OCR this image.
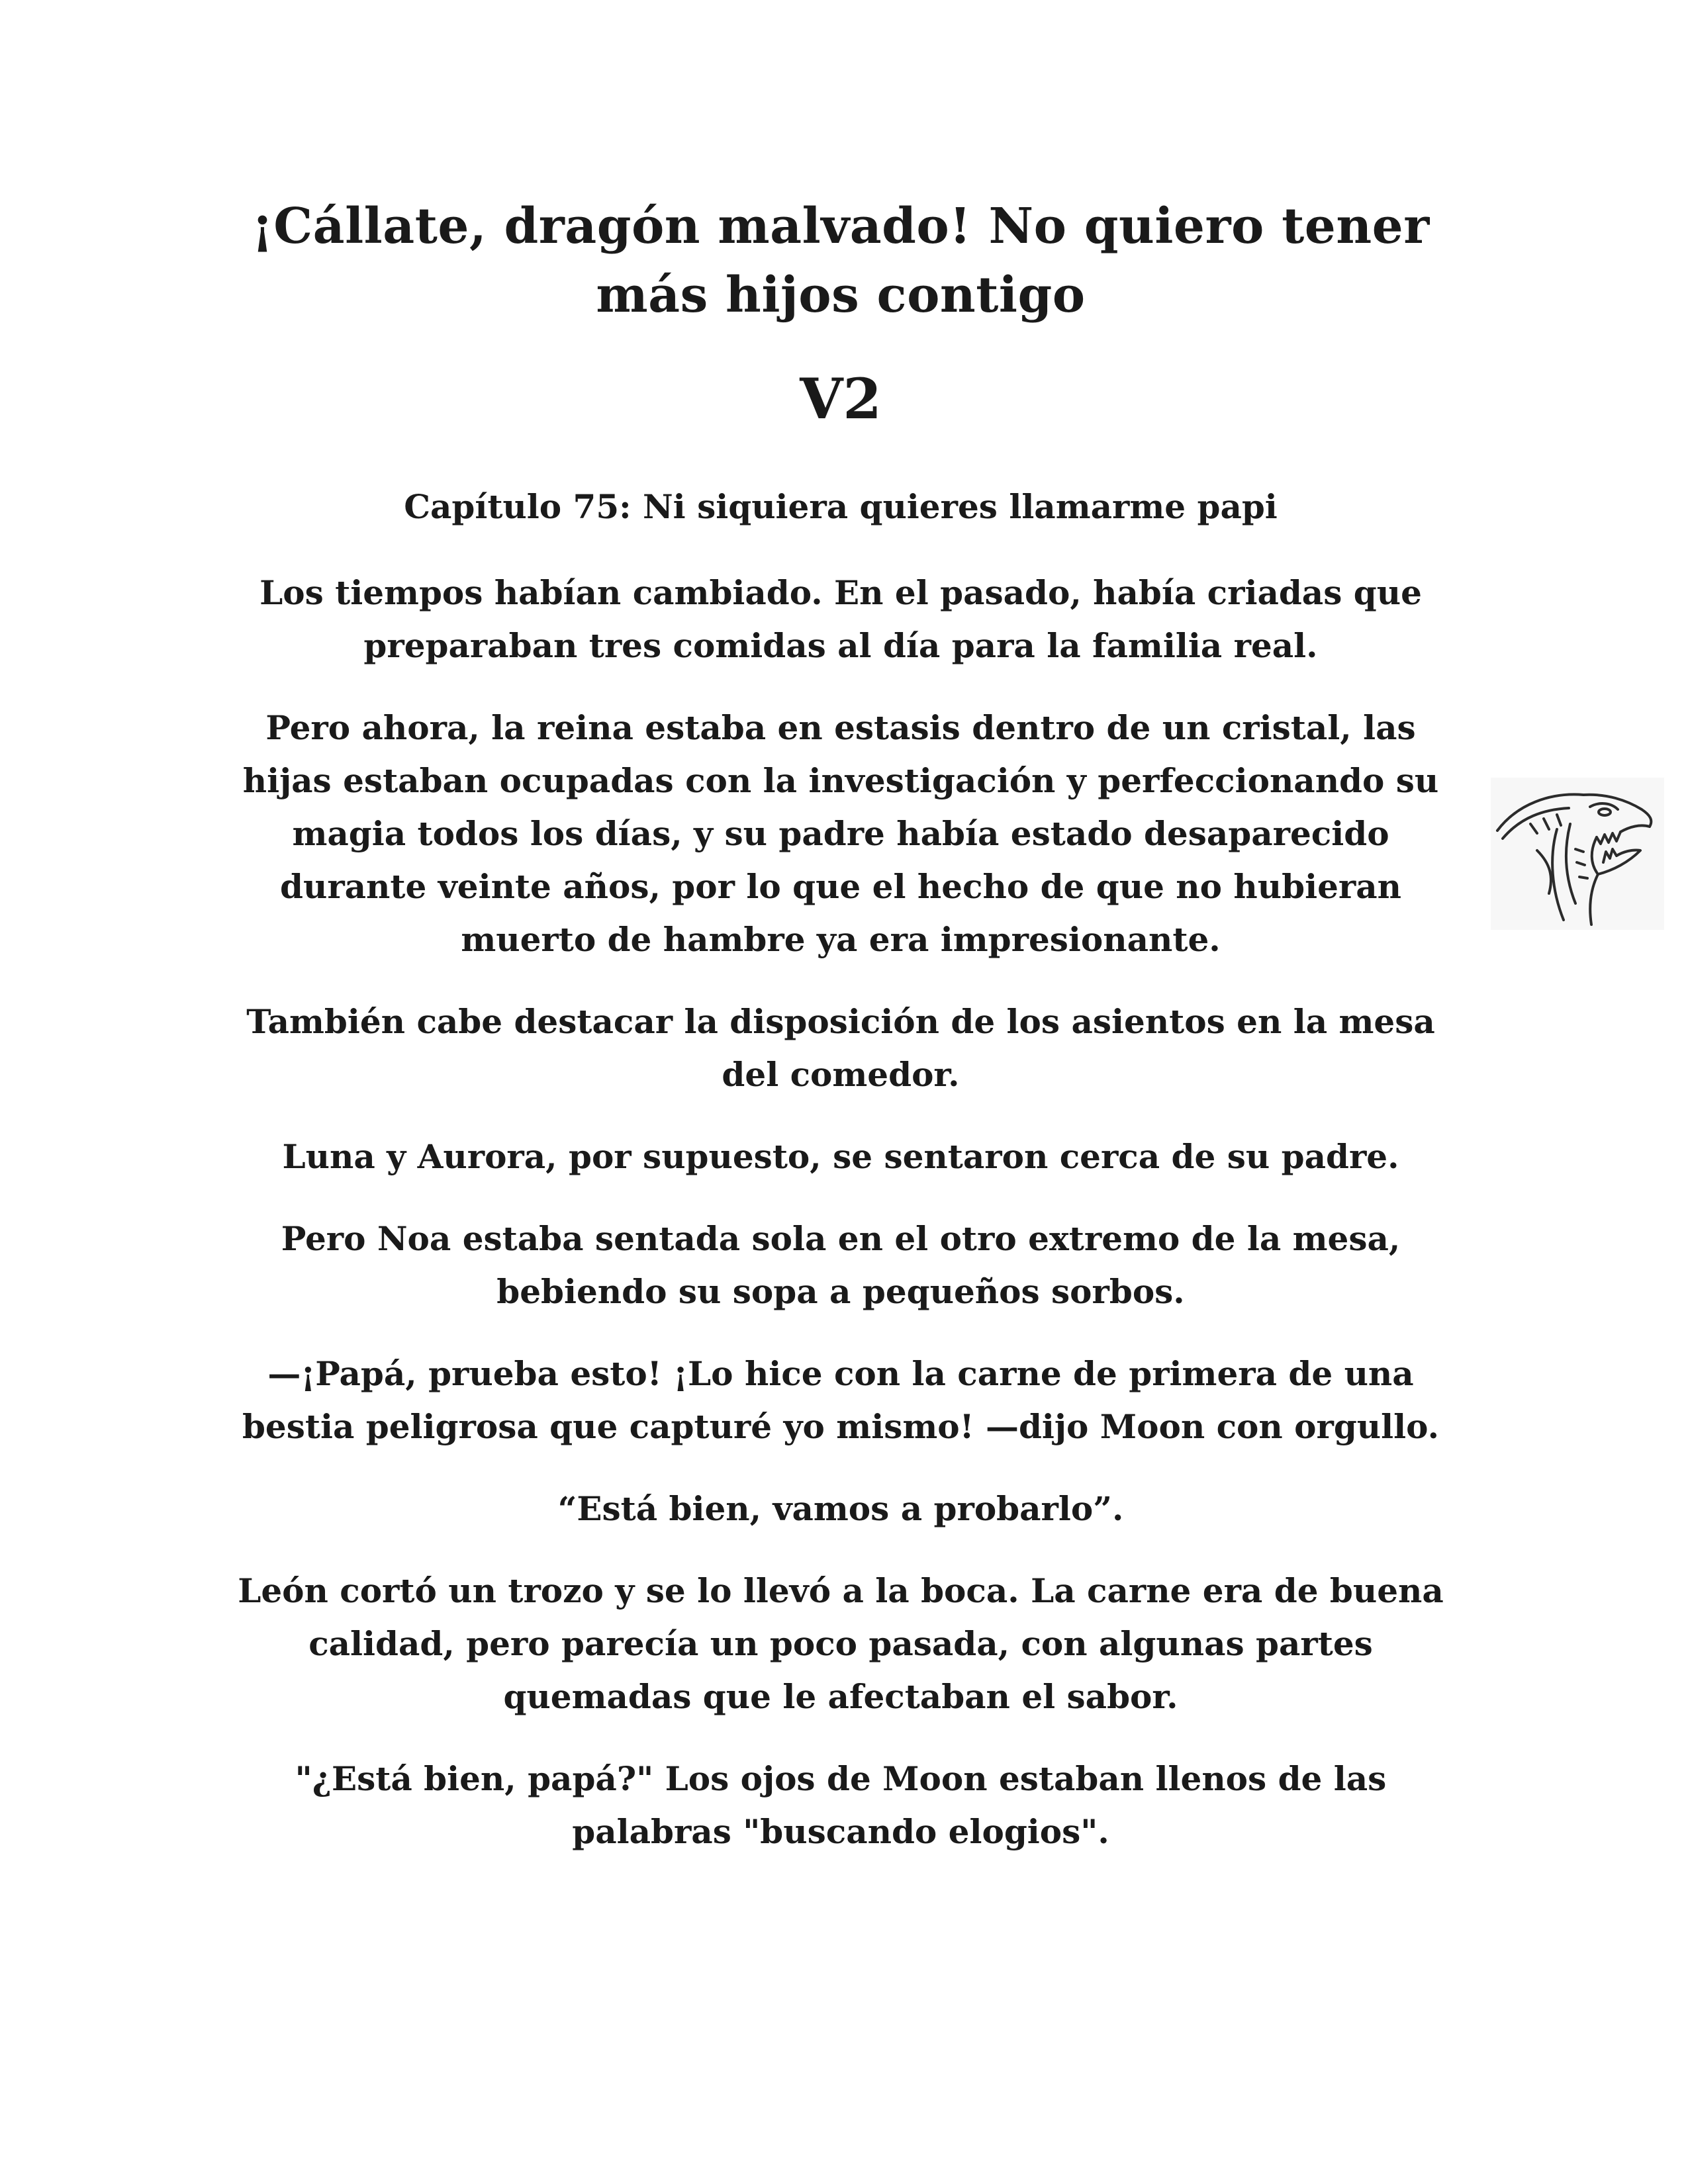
¡Cállate, dragón malvado! No quiero tener más hijos contigo
V2
Capítulo 75: Ni siquiera quieres llamarme papi

Los tiempos habían cambiado. En el pasado, había criadas que preparaban tres comidas al día para la familia real.

Pero ahora, la reina estaba en estasis dentro de un cristal, las hijas estaban ocupadas con la investigación y perfeccionando su magia todos los días, y su padre había estado desaparecido durante veinte años, por lo que el hecho de que no hubieran muerto de hambre ya era impresionante.

También cabe destacar la disposición de los asientos en la mesa del comedor.

Luna y Aurora, por supuesto, se sentaron cerca de su padre.

Pero Noa estaba sentada sola en el otro extremo de la mesa, bebiendo su sopa a pequeños sorbos.

—¡Papá, prueba esto! ¡Lo hice con la carne de primera de una bestia peligrosa que capturé yo mismo! —dijo Moon con orgullo.

“Está bien, vamos a probarlo”.

León cortó un trozo y se lo llevó a la boca. La carne era de buena calidad, pero parecía un poco pasada, con algunas partes quemadas que le afectaban el sabor.

"¿Está bien, papá?" Los ojos de Moon estaban llenos de las palabras "buscando elogios".
